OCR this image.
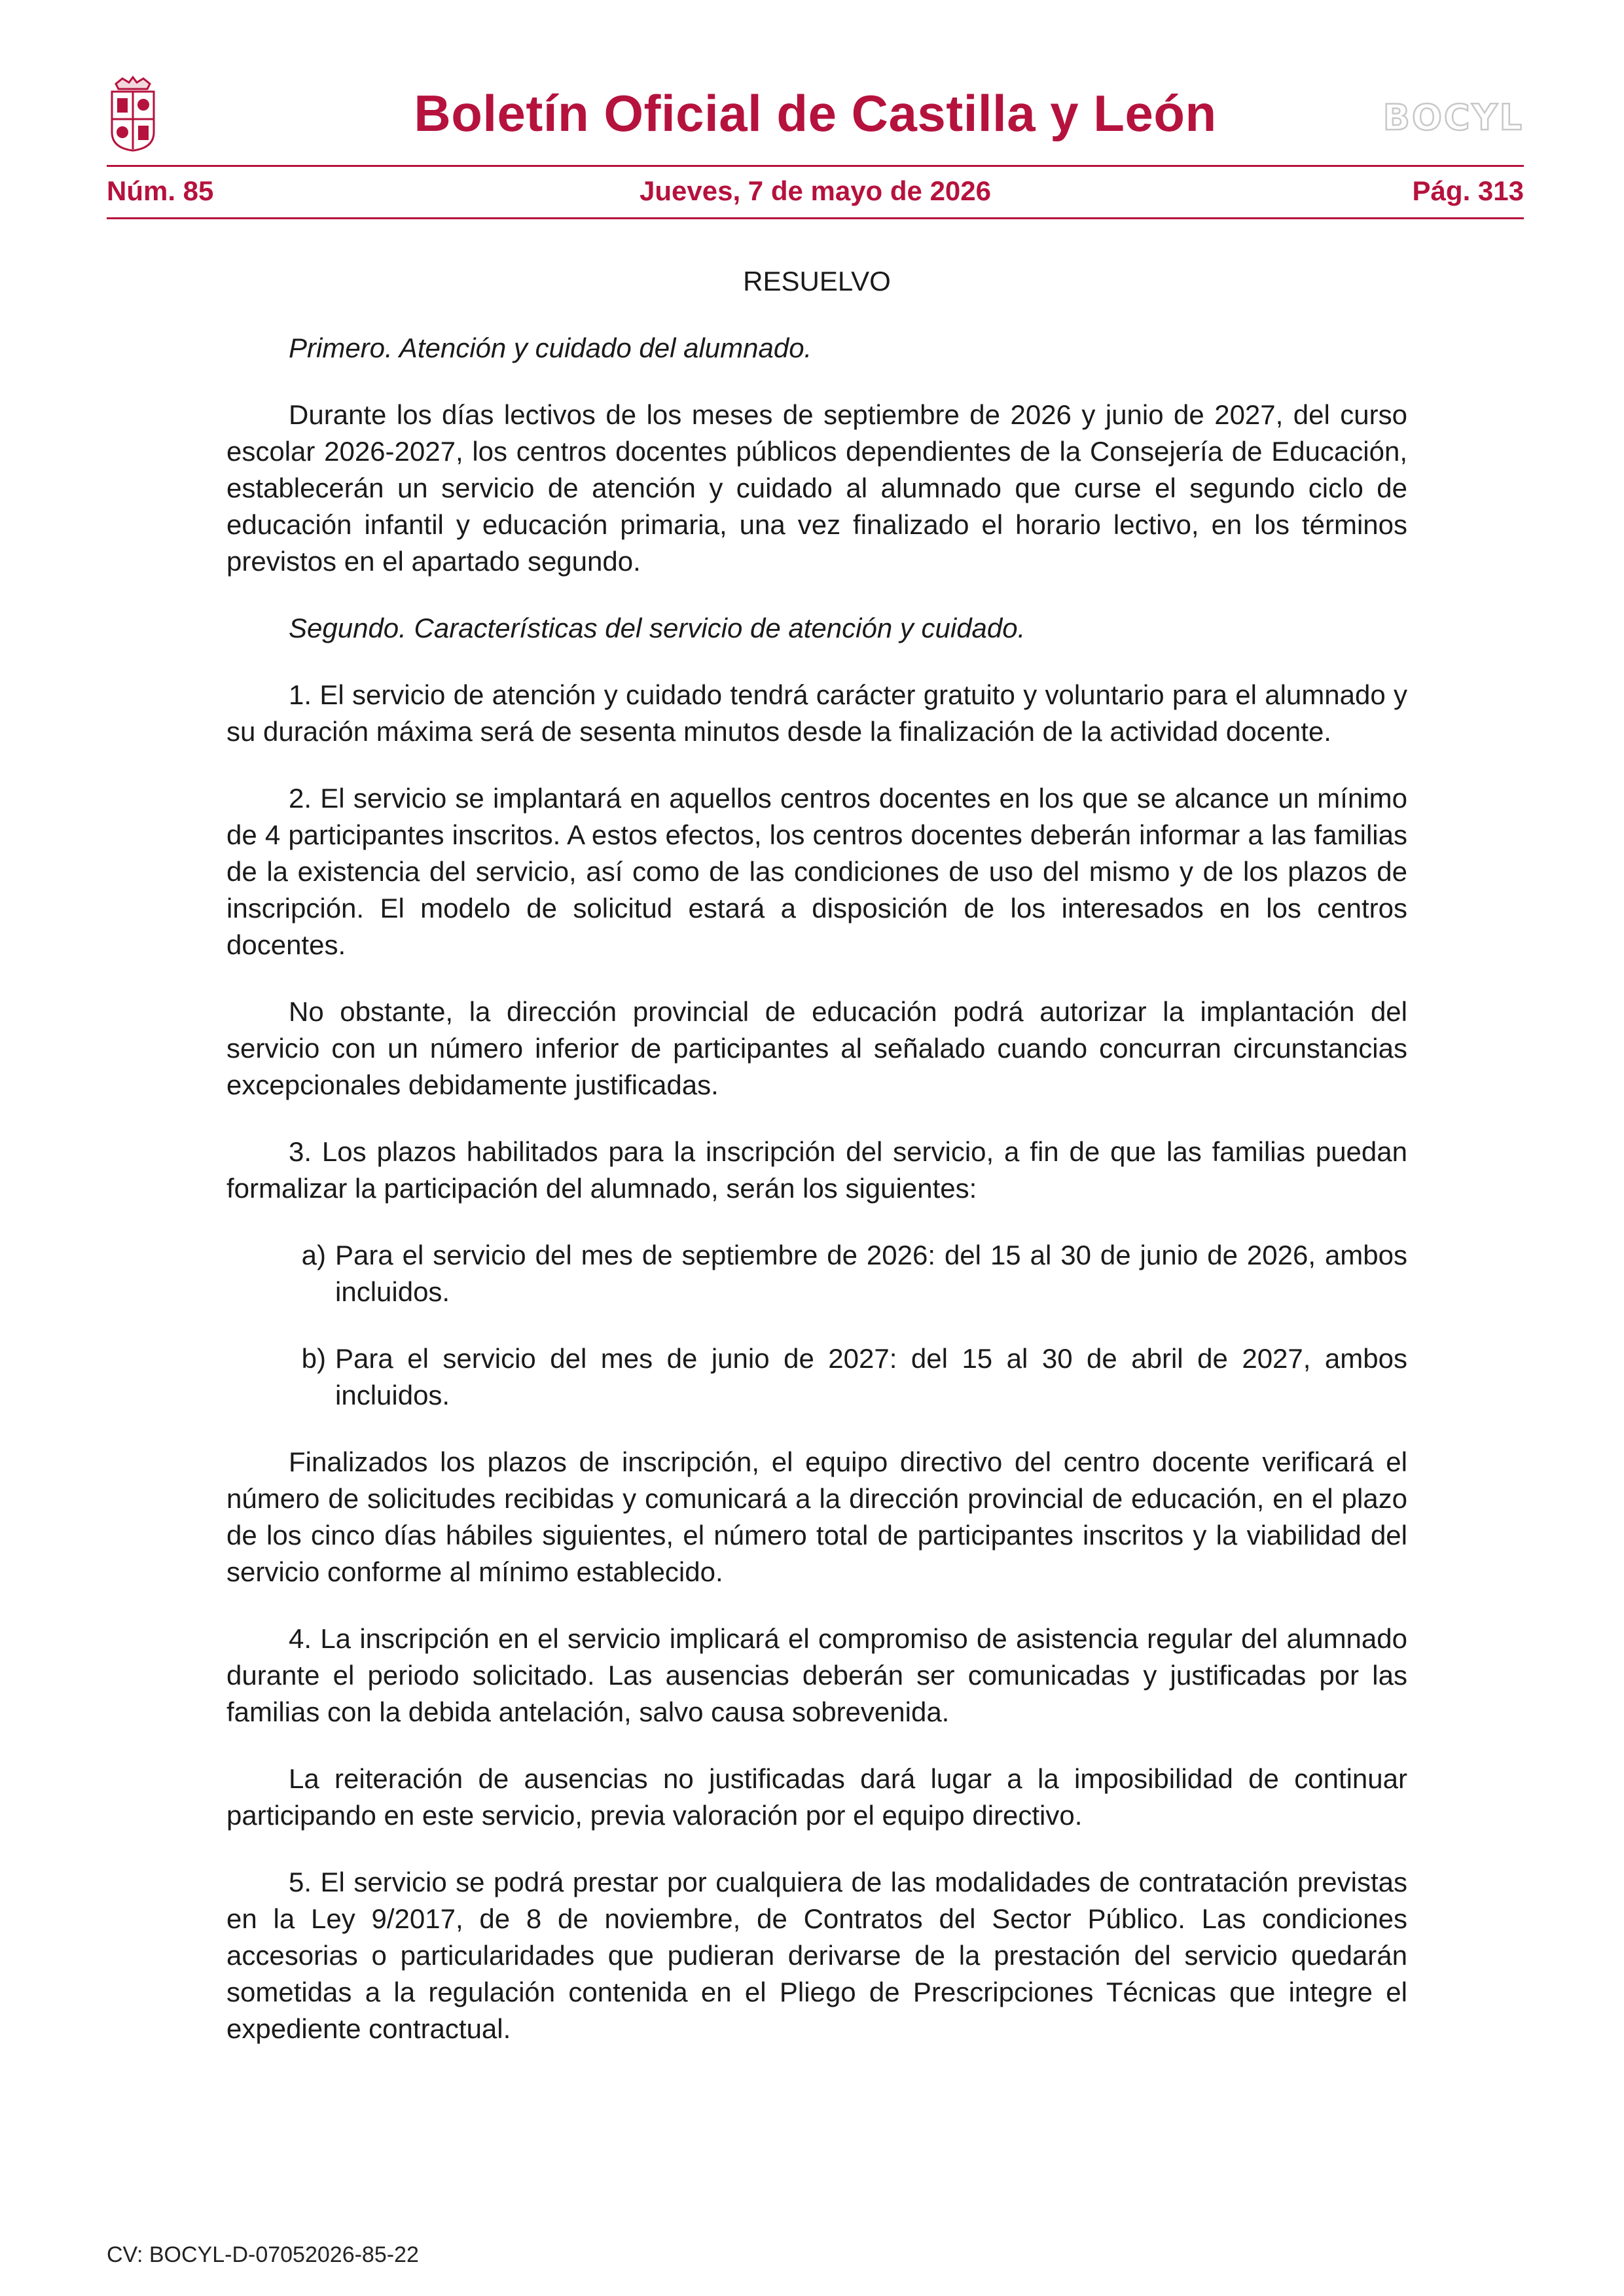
Boletín Oficial de Castilla y León	BOCYL
Núm. 85	Jueves, 7 de mayo de 2026	Pág. 313
RESUELVO

Primero. Atención y cuidado del alumnado.

Durante los días lectivos de los meses de septiembre de 2026 y junio de 2027, del curso escolar 2026-2027, los centros docentes públicos dependientes de la Consejería de Educación, establecerán un servicio de atención y cuidado al alumnado que curse el segundo ciclo de educación infantil y educación primaria, una vez finalizado el horario lectivo, en los términos previstos en el apartado segundo.

Segundo. Características del servicio de atención y cuidado.

1. El servicio de atención y cuidado tendrá carácter gratuito y voluntario para el alumnado y su duración máxima será de sesenta minutos desde la finalización de la actividad docente.

2. El servicio se implantará en aquellos centros docentes en los que se alcance un mínimo de 4 participantes inscritos. A estos efectos, los centros docentes deberán informar a las familias de la existencia del servicio, así como de las condiciones de uso del mismo y de los plazos de inscripción. El modelo de solicitud estará a disposición de los interesados en los centros docentes.

No obstante, la dirección provincial de educación podrá autorizar la implantación del servicio con un número inferior de participantes al señalado cuando concurran circunstancias excepcionales debidamente justificadas.

3. Los plazos habilitados para la inscripción del servicio, a fin de que las familias puedan formalizar la participación del alumnado, serán los siguientes:

a) Para el servicio del mes de septiembre de 2026: del 15 al 30 de junio de 2026, ambos incluidos.
b) Para el servicio del mes de junio de 2027: del 15 al 30 de abril de 2027, ambos incluidos.

Finalizados los plazos de inscripción, el equipo directivo del centro docente verificará el número de solicitudes recibidas y comunicará a la dirección provincial de educación, en el plazo de los cinco días hábiles siguientes, el número total de participantes inscritos y la viabilidad del servicio conforme al mínimo establecido.

4. La inscripción en el servicio implicará el compromiso de asistencia regular del alumnado durante el periodo solicitado. Las ausencias deberán ser comunicadas y justificadas por las familias con la debida antelación, salvo causa sobrevenida.

La reiteración de ausencias no justificadas dará lugar a la imposibilidad de continuar participando en este servicio, previa valoración por el equipo directivo.

5. El servicio se podrá prestar por cualquiera de las modalidades de contratación previstas en la Ley 9/2017, de 8 de noviembre, de Contratos del Sector Público. Las condiciones accesorias o particularidades que pudieran derivarse de la prestación del servicio quedarán sometidas a la regulación contenida en el Pliego de Prescripciones Técnicas que integre el expediente contractual.

CV: BOCYL-D-07052026-85-22
